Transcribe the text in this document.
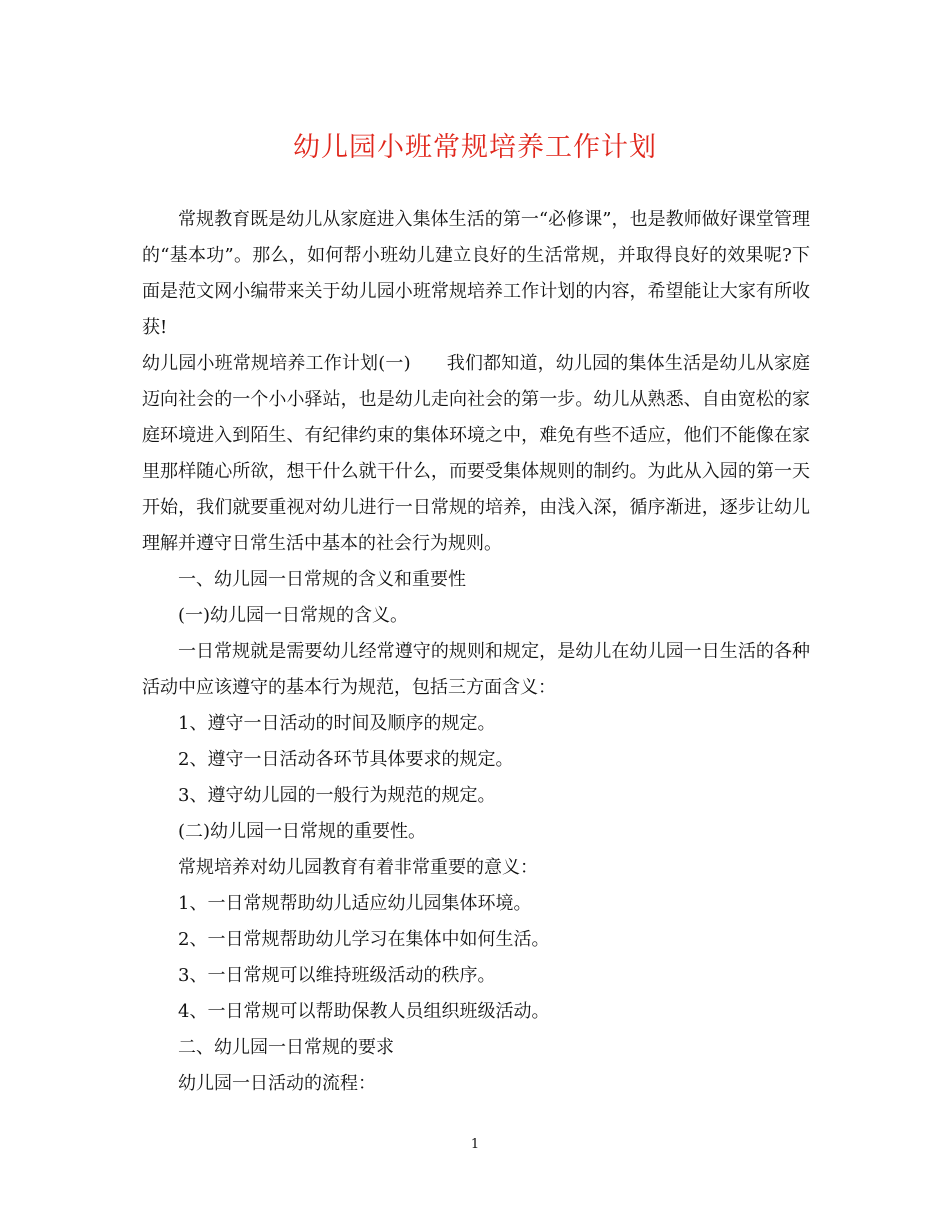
幼儿园小班常规培养工作计划

常规教育既是幼儿从家庭进入集体生活的第一“必修课”，也是教师做好课堂管理的“基本功”。那么，如何帮小班幼儿建立良好的生活常规，并取得良好的效果呢?下面是范文网小编带来关于幼儿园小班常规培养工作计划的内容，希望能让大家有所收获!

幼儿园小班常规培养工作计划(一) 我们都知道，幼儿园的集体生活是幼儿从家庭迈向社会的一个小小驿站，也是幼儿走向社会的第一步。幼儿从熟悉、自由宽松的家庭环境进入到陌生、有纪律约束的集体环境之中，难免有些不适应，他们不能像在家里那样随心所欲，想干什么就干什么，而要受集体规则的制约。为此从入园的第一天开始，我们就要重视对幼儿进行一日常规的培养，由浅入深，循序渐进，逐步让幼儿理解并遵守日常生活中基本的社会行为规则。

一、幼儿园一日常规的含义和重要性

(一)幼儿园一日常规的含义。

一日常规就是需要幼儿经常遵守的规则和规定，是幼儿在幼儿园一日生活的各种活动中应该遵守的基本行为规范，包括三方面含义：

1、遵守一日活动的时间及顺序的规定。

2、遵守一日活动各环节具体要求的规定。

3、遵守幼儿园的一般行为规范的规定。

(二)幼儿园一日常规的重要性。

常规培养对幼儿园教育有着非常重要的意义：

1、一日常规帮助幼儿适应幼儿园集体环境。

2、一日常规帮助幼儿学习在集体中如何生活。

3、一日常规可以维持班级活动的秩序。

4、一日常规可以帮助保教人员组织班级活动。

二、幼儿园一日常规的要求

幼儿园一日活动的流程：

1
